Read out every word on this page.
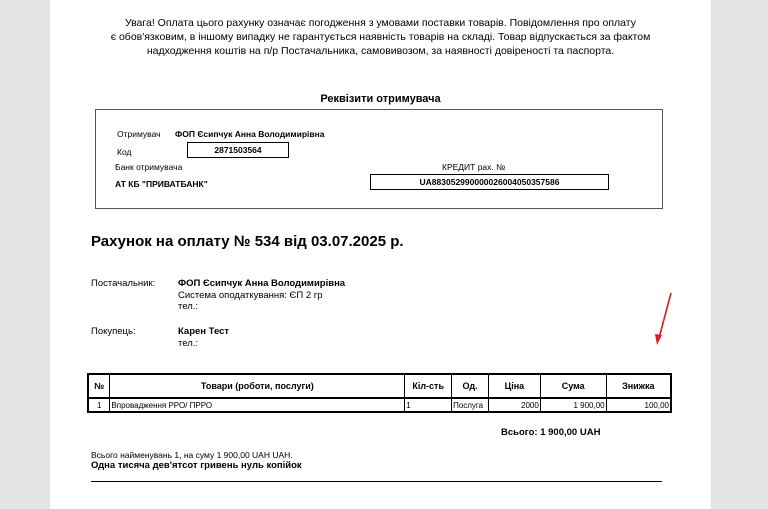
Увага! Оплата цього рахунку означає погодження з умовами поставки товарів. Повідомлення про оплату
є обов'язковим, в іншому випадку не гарантується наявність товарів на складі. Товар відпускається за фактом
надходження коштів на п/р Постачальника, самовивозом, за наявності довіреності та паспорта.
Реквізити отримувача
Отримувач ФОП Єсипчук Анна Володимирівна
Код	2871503564
Банк отримувача
АТ КБ "ПРИВАТБАНК"
КРЕДИТ рах. №
UA883052990000026004050357586
Рахунок на оплату № 534 від 03.07.2025 р.
Постачальник: ФОП Єсипчук Анна Володимирівна
Система оподаткування: ЄП 2 гр
тел.:
Покупець:	Карен Тест
тел.:
№	Товари (роботи, послуги)	Кіл-сть	Од.	Ціна	Сума	Знижка
1	Впровадження РРО/ ПРРО	1	Послуга	2000	1 900,00	100,00
Всього: 1 900,00 UAH
Всього найменувань 1, на суму 1 900,00 UAH UAH.
Одна тисяча дев'ятсот гривень нуль копійок
